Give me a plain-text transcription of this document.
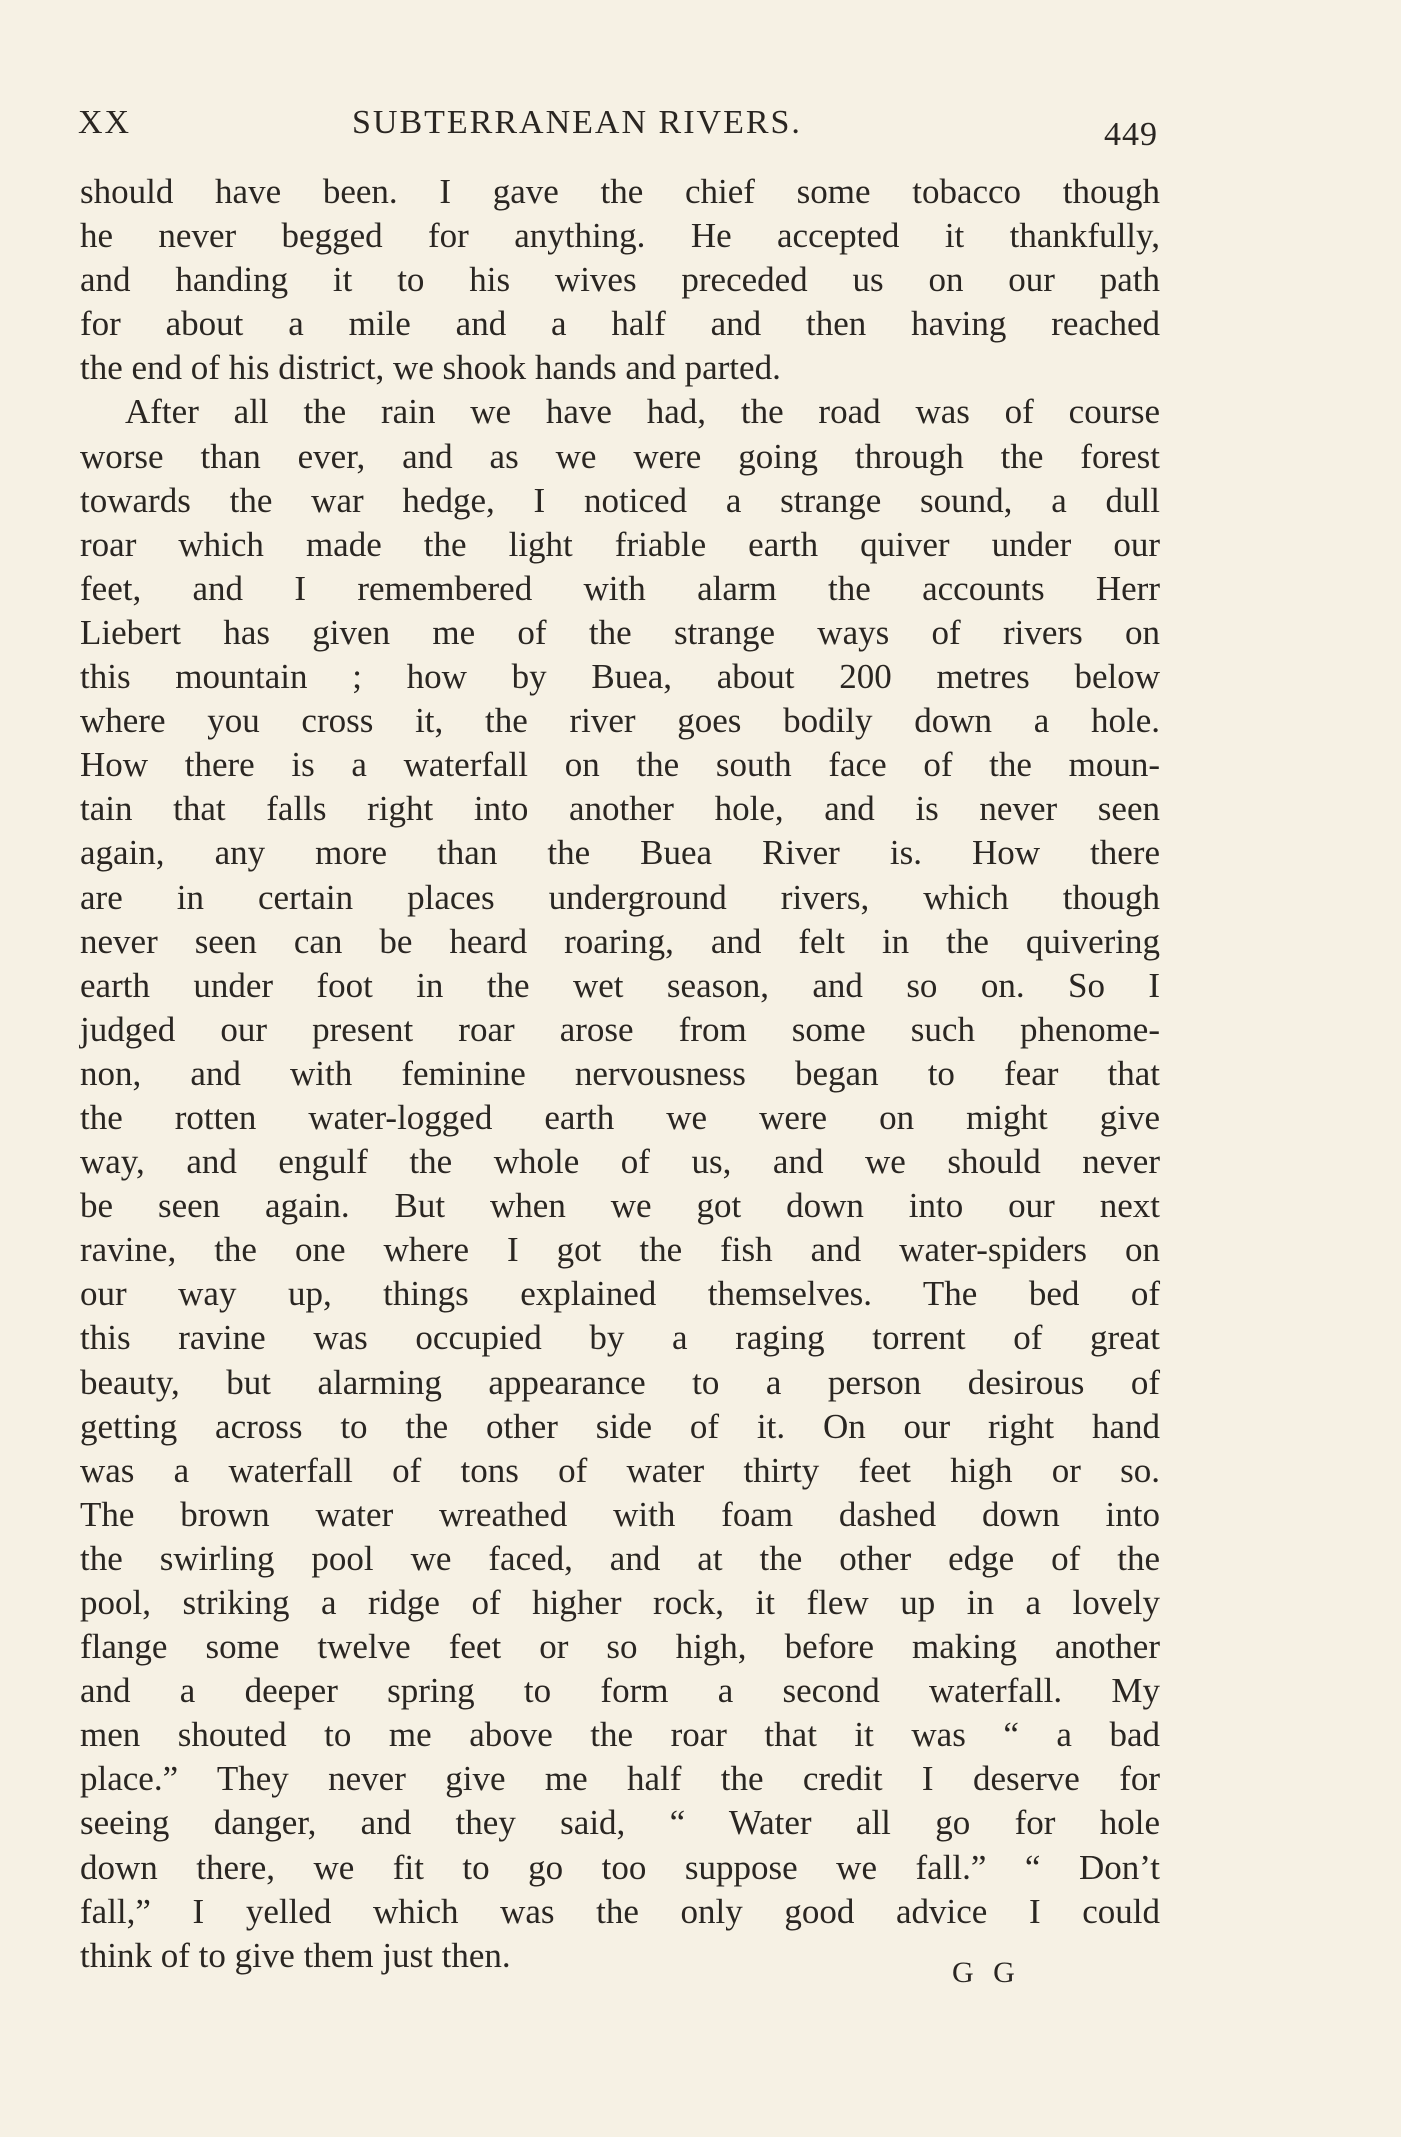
XX	SUBTERRANEAN RIVERS.	449
should have been. I gave the chief some tobacco though
he never begged for anything. He accepted it thankfully,
and handing it to his wives preceded us on our path
for about a mile and a half and then having reached
the end of his district, we shook hands and parted.
After all the rain we have had, the road was of course
worse than ever, and as we were going through the forest
towards the war hedge, I noticed a strange sound, a dull
roar which made the light friable earth quiver under our
feet, and I remembered with alarm the accounts Herr
Liebert has given me of the strange ways of rivers on
this mountain ; how by Buea, about 200 metres below
where you cross it, the river goes bodily down a hole.
How there is a waterfall on the south face of the moun-
tain that falls right into another hole, and is never seen
again, any more than the Buea River is. How there
are in certain places underground rivers, which though
never seen can be heard roaring, and felt in the quivering
earth under foot in the wet season, and so on. So I
judged our present roar arose from some such phenome-
non, and with feminine nervousness began to fear that
the rotten water-logged earth we were on might give
way, and engulf the whole of us, and we should never
be seen again. But when we got down into our next
ravine, the one where I got the fish and water-spiders on
our way up, things explained themselves. The bed of
this ravine was occupied by a raging torrent of great
beauty, but alarming appearance to a person desirous of
getting across to the other side of it. On our right hand
was a waterfall of tons of water thirty feet high or so.
The brown water wreathed with foam dashed down into
the swirling pool we faced, and at the other edge of the
pool, striking a ridge of higher rock, it flew up in a lovely
flange some twelve feet or so high, before making another
and a deeper spring to form a second waterfall. My
men shouted to me above the roar that it was “ a bad
place.” They never give me half the credit I deserve for
seeing danger, and they said, “ Water all go for hole
down there, we fit to go too suppose we fall.” “ Don’t
fall,” I yelled which was the only good advice I could
think of to give them just then.	G G
